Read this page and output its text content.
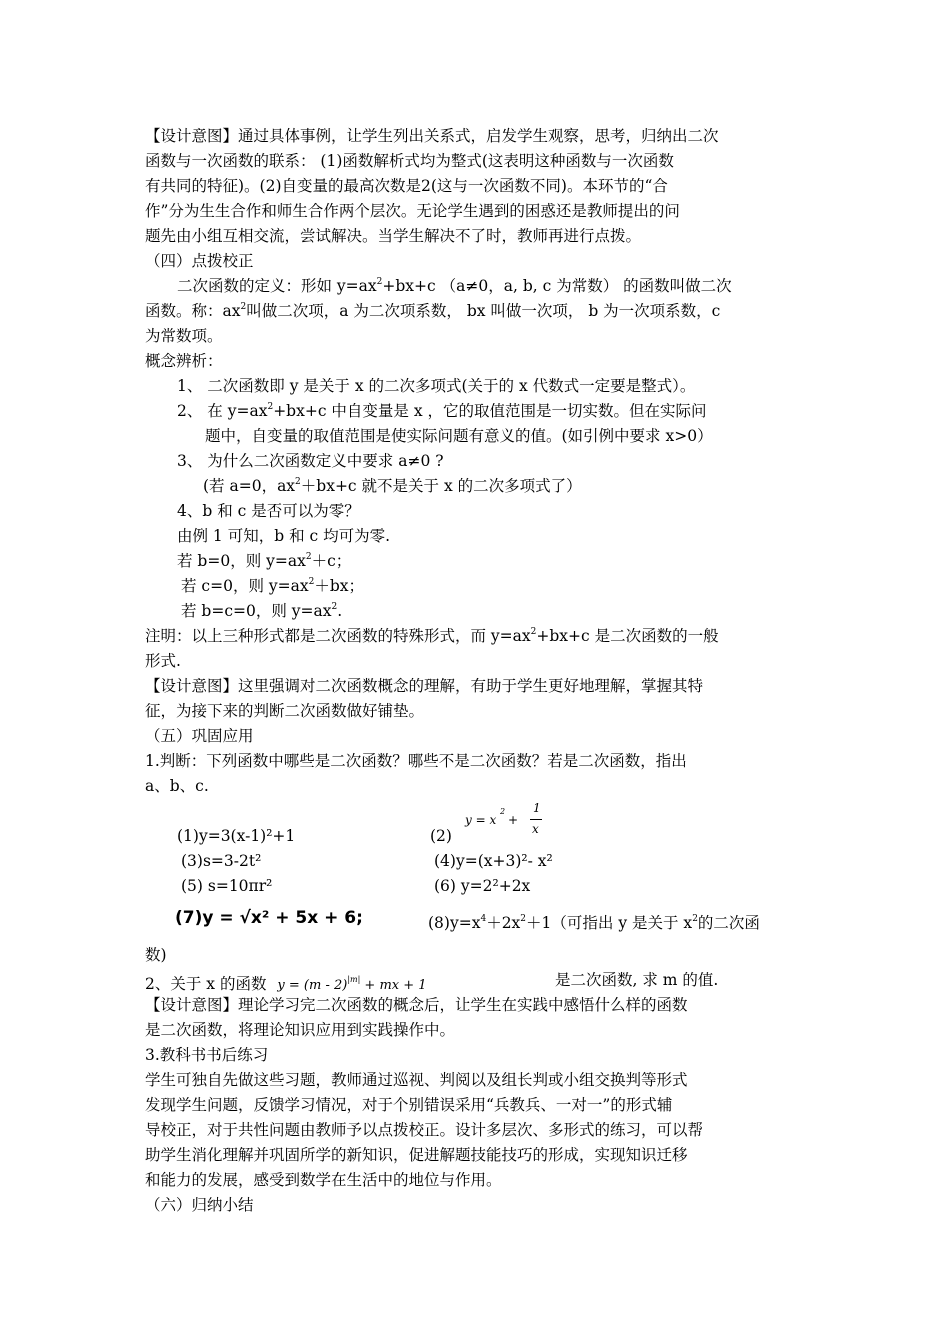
【设计意图】通过具体事例，让学生列出关系式，启发学生观察，思考，归纳出二次
函数与一次函数的联系： (1)函数解析式均为整式(这表明这种函数与一次函数
有共同的特征)。(2)自变量的最高次数是2(这与一次函数不同)。本环节的“合
作”分为生生合作和师生合作两个层次。无论学生遇到的困惑还是教师提出的问
题先由小组互相交流，尝试解决。当学生解决不了时，教师再进行点拨。
（四）点拨校正
二次函数的定义：形如 $y=ax^2+bx+c$ （a≠0，a, b, c 为常数） 的函数叫做二次
函数。称：$ax^2$叫做二次项，a 为二次项系数， bx 叫做一次项， b 为一次项系数，c
为常数项。
概念辨析：
1、 二次函数即 y 是关于 x 的二次多项式(关于的 x 代数式一定要是整式）。
2、 在 $y=ax^2+bx+c$ 中自变量是 x ，它的取值范围是一切实数。但在实际问
题中，自变量的取值范围是使实际问题有意义的值。(如引例中要求 x>0）
3、 为什么二次函数定义中要求 a≠0 ?
(若 a=0，$ax^2+bx+c$ 就不是关于 x 的二次多项式了）
4、b 和 c 是否可以为零？
由例 1 可知，b 和 c 均可为零.
若 b=0，则 $y=ax^2+c$；
若 c=0，则 $y=ax^2+bx$；
若 b=c=0，则 $y=ax^2$.
注明：以上三种形式都是二次函数的特殊形式，而 $y=ax^2+bx+c$ 是二次函数的一般
形式.
【设计意图】这里强调对二次函数概念的理解，有助于学生更好地理解，掌握其特
征，为接下来的判断二次函数做好铺垫。
（五）巩固应用
1.判断：下列函数中哪些是二次函数？哪些不是二次函数？若是二次函数，指出
a、b、c.
(1)y=3(x-1)²+1	(2)
y = x
2
+
1
x
(3)s=3-2t²	(4)y=(x+3)²- x²
(5) s=10πr²	(6) y=2²+2x
(7)y = √x² + 5x + 6;	$(8)y=x^4+2x^2+1$（可指出 y 是关于 $x^2$的二次函
数)
2、关于 x 的函数 y = (m - 2)$^{|m|}$ + mx + 1	是二次函数, 求 m 的值.
【设计意图】理论学习完二次函数的概念后，让学生在实践中感悟什么样的函数
是二次函数，将理论知识应用到实践操作中。
3.教科书书后练习
学生可独自先做这些习题，教师通过巡视、判阅以及组长判或小组交换判等形式
发现学生问题，反馈学习情况，对于个别错误采用“兵教兵、一对一”的形式辅
导校正，对于共性问题由教师予以点拨校正。设计多层次、多形式的练习，可以帮
助学生消化理解并巩固所学的新知识，促进解题技能技巧的形成，实现知识迁移
和能力的发展，感受到数学在生活中的地位与作用。
（六）归纳小结
